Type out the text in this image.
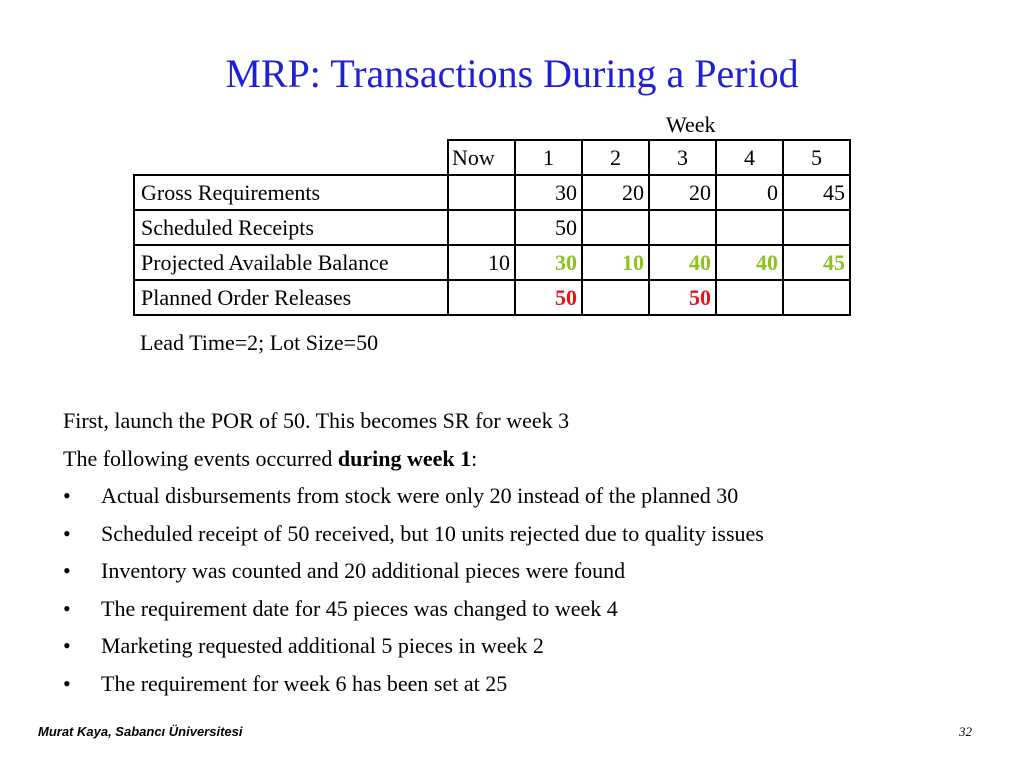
MRP: Transactions During a Period
Week
	Now	1	2	3	4	5
Gross Requirements		30	20	20	0	45
Scheduled Receipts		50				
Projected Available Balance	10	30	10	40	40	45
Planned Order Releases		50		50		
Lead Time=2; Lot Size=50
First, launch the POR of 50. This becomes SR for week 3
The following events occurred during week 1:
• Actual disbursements from stock were only 20 instead of the planned 30
• Scheduled receipt of 50 received, but 10 units rejected due to quality issues
• Inventory was counted and 20 additional pieces were found
• The requirement date for 45 pieces was changed to week 4
• Marketing requested additional 5 pieces in week 2
• The requirement for week 6 has been set at 25
Murat Kaya, Sabancı Üniversitesi	32
